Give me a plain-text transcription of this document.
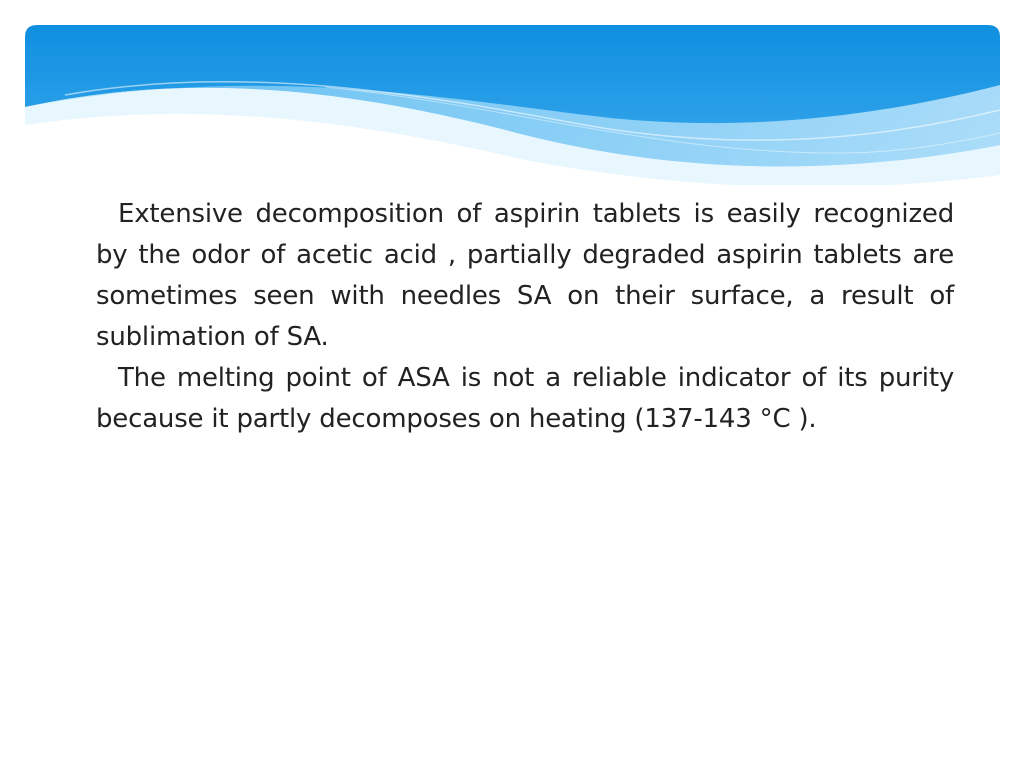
Extensive decomposition of aspirin tablets is easily recognized by the odor of acetic acid , partially degraded aspirin tablets are sometimes seen with needles SA on their surface, a result of sublimation of SA.

The melting point of ASA is not a reliable indicator of its purity because it partly decomposes on heating (137-143 °C ).
